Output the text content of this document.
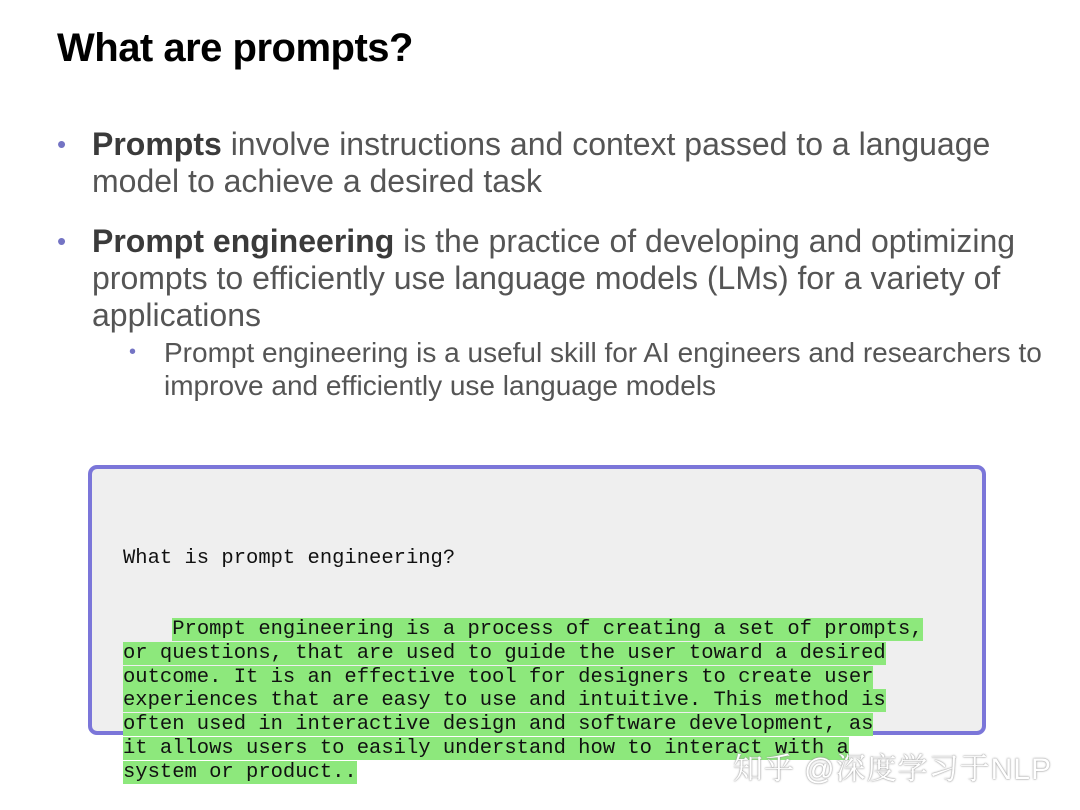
What are prompts?
• Prompts involve instructions and context passed to a language model to achieve a desired task
• Prompt engineering is the practice of developing and optimizing prompts to efficiently use language models (LMs) for a variety of applications
• Prompt engineering is a useful skill for AI engineers and researchers to improve and efficiently use language models

What is prompt engineering?

Prompt engineering is a process of creating a set of prompts,
or questions, that are used to guide the user toward a desired
outcome. It is an effective tool for designers to create user
experiences that are easy to use and intuitive. This method is
often used in interactive design and software development, as
it allows users to easily understand how to interact with a
system or product..
	知乎 @深度学习于NLP
